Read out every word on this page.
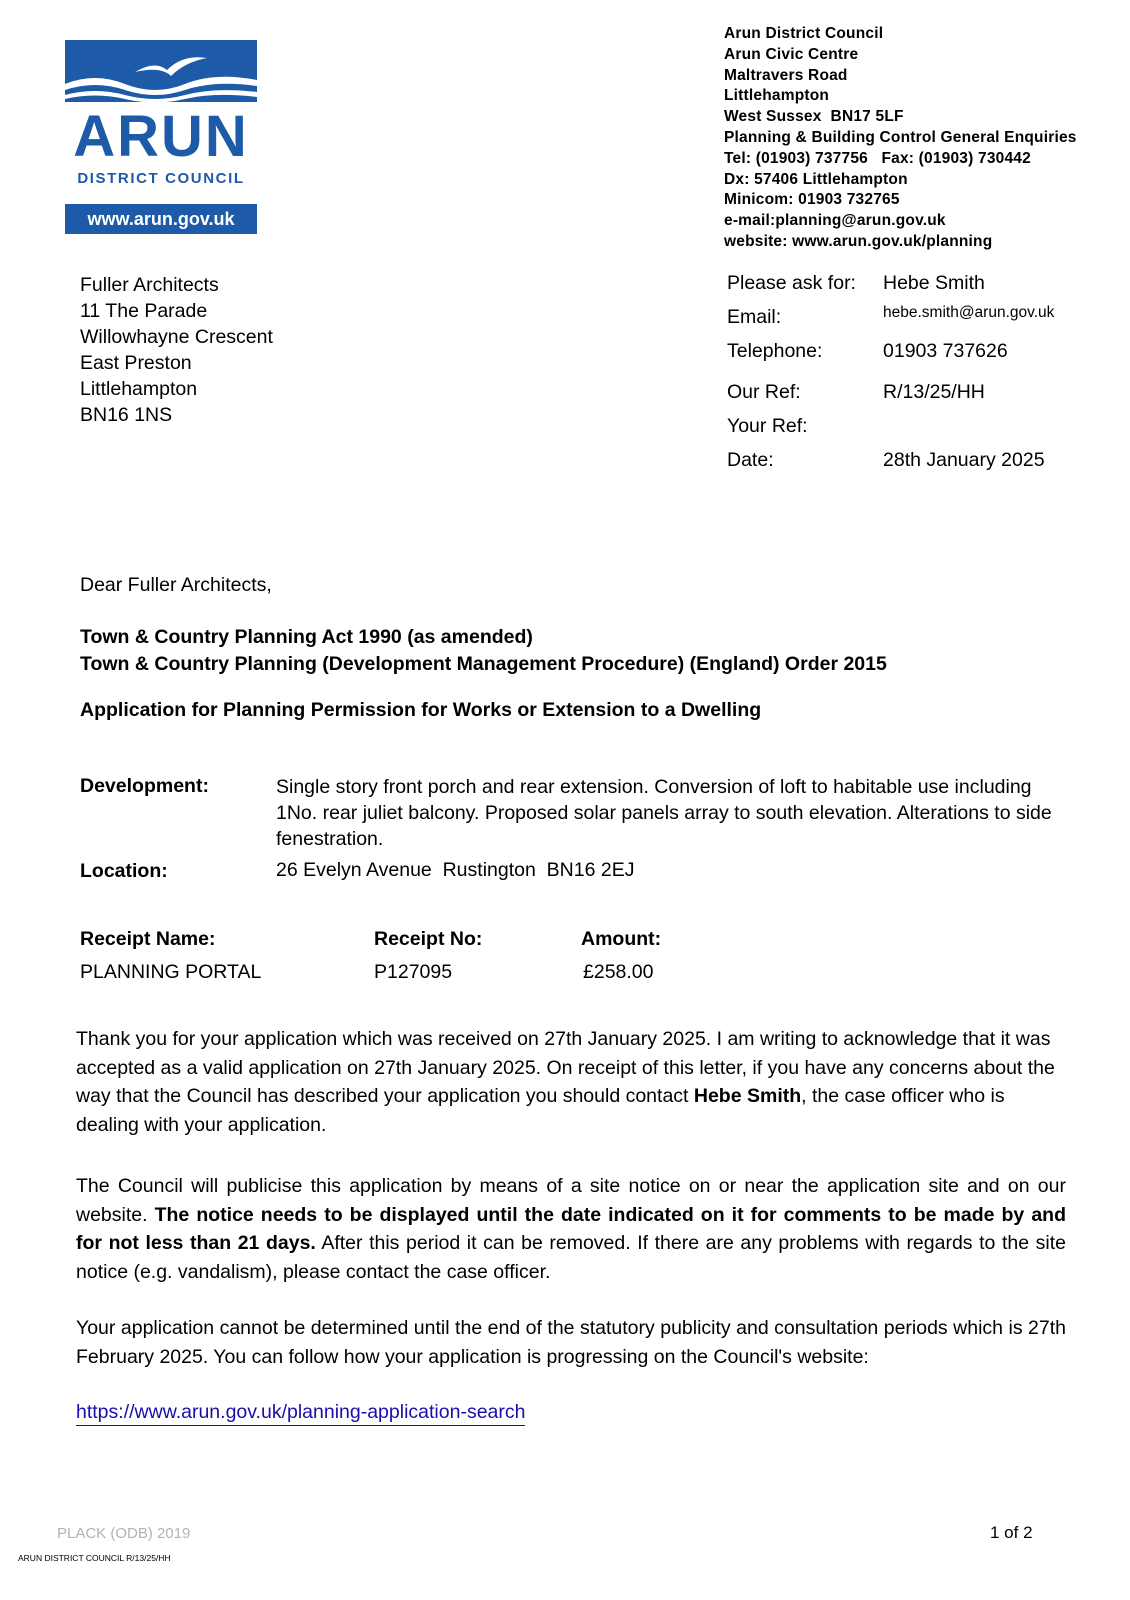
ARUN
DISTRICT COUNCIL
www.arun.gov.uk
Arun District Council
Arun Civic Centre
Maltravers Road
Littlehampton
West Sussex  BN17 5LF
Planning & Building Control General Enquiries
Tel: (01903) 737756   Fax: (01903) 730442
Dx: 57406 Littlehampton
Minicom: 01903 732765
e-mail:planning@arun.gov.uk
website: www.arun.gov.uk/planning
Fuller Architects
11 The Parade
Willowhayne Crescent
East Preston
Littlehampton
BN16 1NS
Please ask for: Hebe Smith
Email:	hebe.smith@arun.gov.uk
Telephone:	01903 737626
Our Ref:	R/13/25/HH
Your Ref:
Date:	28th January 2025
Dear Fuller Architects,
Town & Country Planning Act 1990 (as amended)
Town & Country Planning (Development Management Procedure) (England) Order 2015
Application for Planning Permission for Works or Extension to a Dwelling
Development:	Single story front porch and rear extension. Conversion of loft to habitable use including 1No. rear juliet balcony. Proposed solar panels array to south elevation. Alterations to side fenestration.
Location:	26 Evelyn Avenue  Rustington  BN16 2EJ
Receipt Name:	Receipt No:	Amount:
PLANNING PORTAL	P127095	£258.00
Thank you for your application which was received on 27th January 2025. I am writing to acknowledge that it was accepted as a valid application on 27th January 2025. On receipt of this letter, if you have any concerns about the way that the Council has described your application you should contact Hebe Smith, the case officer who is dealing with your application.
The Council will publicise this application by means of a site notice on or near the application site and on our website. The notice needs to be displayed until the date indicated on it for comments to be made by and for not less than 21 days. After this period it can be removed. If there are any problems with regards to the site notice (e.g. vandalism), please contact the case officer.
Your application cannot be determined until the end of the statutory publicity and consultation periods which is 27th February 2025. You can follow how your application is progressing on the Council's website:
https://www.arun.gov.uk/planning-application-search
PLACK (ODB) 2019	1 of 2
ARUN DISTRICT COUNCIL R/13/25/HH
